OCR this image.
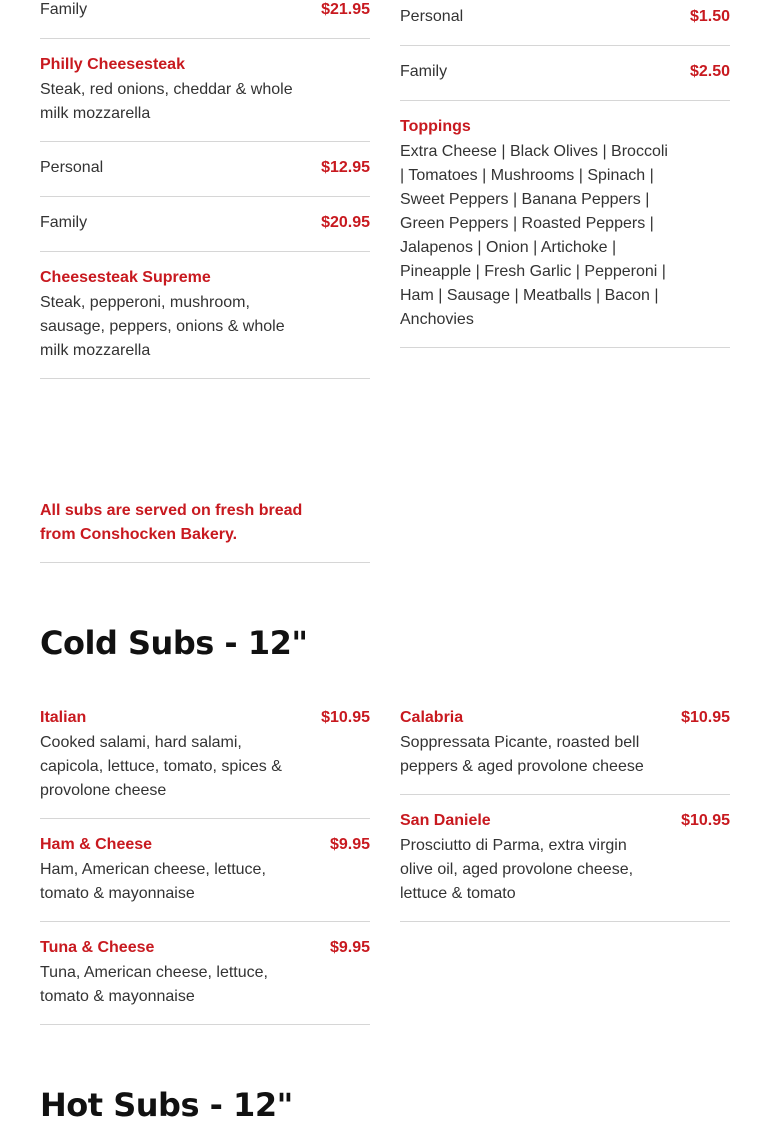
Family	$21.95
Philly Cheesesteak
Steak, red onions, cheddar & whole
milk mozzarella
Personal	$12.95
Family	$20.95
Cheesesteak Supreme
Steak, pepperoni, mushroom,
sausage, peppers, onions & whole
milk mozzarella
All subs are served on fresh bread
from Conshocken Bakery.
Personal	$1.50
Family	$2.50
Toppings
Extra Cheese | Black Olives | Broccoli
| Tomatoes | Mushrooms | Spinach |
Sweet Peppers | Banana Peppers |
Green Peppers | Roasted Peppers |
Jalapenos | Onion | Artichoke |
Pineapple | Fresh Garlic | Pepperoni |
Ham | Sausage | Meatballs | Bacon |
Anchovies
Cold Subs - 12"
Italian	$10.95
Cooked salami, hard salami,
capicola, lettuce, tomato, spices &
provolone cheese
Ham & Cheese	$9.95
Ham, American cheese, lettuce,
tomato & mayonnaise
Tuna & Cheese	$9.95
Tuna, American cheese, lettuce,
tomato & mayonnaise
Calabria	$10.95
Soppressata Picante, roasted bell
peppers & aged provolone cheese
San Daniele	$10.95
Prosciutto di Parma, extra virgin
olive oil, aged provolone cheese,
lettuce & tomato
Hot Subs - 12"
